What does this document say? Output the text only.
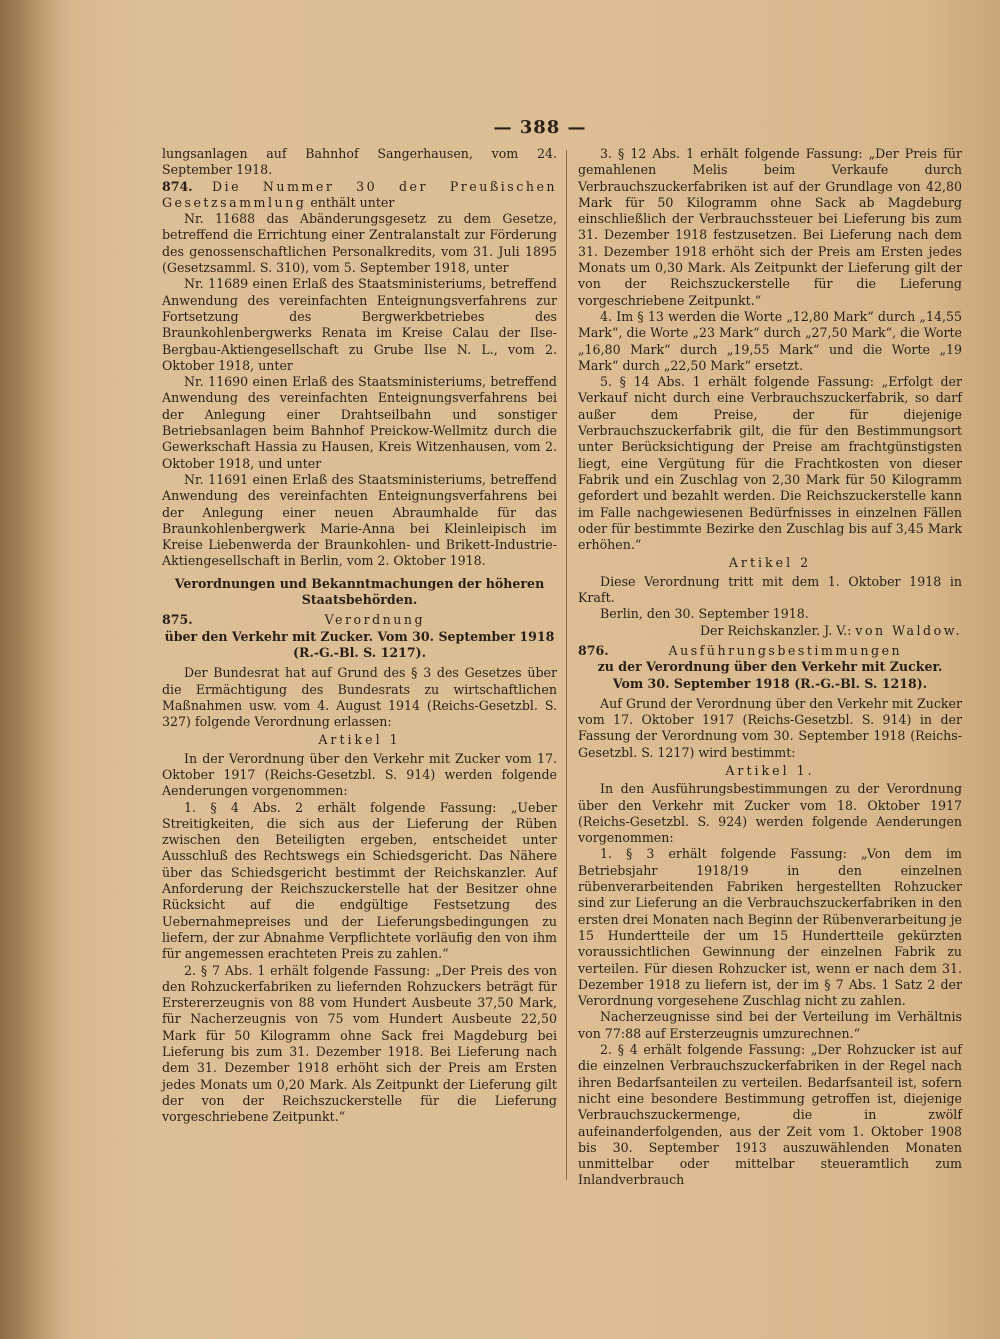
— 388 —

lungsanlagen auf Bahnhof Sangerhausen, vom 24. September 1918.

874. Die Nummer 30 der Preußischen Gesetzsammlung enthält unter

Nr. 11688 das Abänderungsgesetz zu dem Gesetze, betreffend die Errichtung einer Zentralanstalt zur Förderung des genossenschaftlichen Personalkredits, vom 31. Juli 1895 (Gesetzsamml. S. 310), vom 5. September 1918, unter

Nr. 11689 einen Erlaß des Staatsministeriums, betreffend Anwendung des vereinfachten Enteignungsverfahrens zur Fortsetzung des Bergwerkbetriebes des Braunkohlenbergwerks Renata im Kreise Calau der Ilse-Bergbau-Aktiengesellschaft zu Grube Ilse N. L., vom 2. Oktober 1918, unter

Nr. 11690 einen Erlaß des Staatsministeriums, betreffend Anwendung des vereinfachten Enteignungsverfahrens bei der Anlegung einer Drahtseilbahn und sonstiger Betriebsanlagen beim Bahnhof Preickow-Wellmitz durch die Gewerkschaft Hassia zu Hausen, Kreis Witzenhausen, vom 2. Oktober 1918, und unter

Nr. 11691 einen Erlaß des Staatsministeriums, betreffend Anwendung des vereinfachten Enteignungsverfahrens bei der Anlegung einer neuen Abraumhalde für das Braunkohlenbergwerk Marie-Anna bei Kleinleipisch im Kreise Liebenwerda der Braunkohlen- und Brikett-Industrie-Aktiengesellschaft in Berlin, vom 2. Oktober 1918.

Verordnungen und Bekanntmachungen der höheren Staatsbehörden.

875.	Verordnung

über den Verkehr mit Zucker. Vom 30. September 1918

(R.-G.-Bl. S. 1217).

Der Bundesrat hat auf Grund des § 3 des Gesetzes über die Ermächtigung des Bundesrats zu wirtschaftlichen Maßnahmen usw. vom 4. August 1914 (Reichs-Gesetzbl. S. 327) folgende Verordnung erlassen:

Artikel 1

In der Verordnung über den Verkehr mit Zucker vom 17. Oktober 1917 (Reichs-Gesetzbl. S. 914) werden folgende Aenderungen vorgenommen:

1. § 4 Abs. 2 erhält folgende Fassung: „Ueber Streitigkeiten, die sich aus der Lieferung der Rüben zwischen den Beteiligten ergeben, entscheidet unter Ausschluß des Rechtswegs ein Schiedsgericht. Das Nähere über das Schiedsgericht bestimmt der Reichskanzler. Auf Anforderung der Reichszuckerstelle hat der Besitzer ohne Rücksicht auf die endgültige Festsetzung des Uebernahmepreises und der Lieferungsbedingungen zu liefern, der zur Abnahme Verpflichtete vorläufig den von ihm für angemessen erachteten Preis zu zahlen.“

2. § 7 Abs. 1 erhält folgende Fassung: „Der Preis des von den Rohzuckerfabriken zu liefernden Rohzuckers beträgt für Erstererzeugnis von 88 vom Hundert Ausbeute 37,50 Mark, für Nacherzeugnis von 75 vom Hundert Ausbeute 22,50 Mark für 50 Kilogramm ohne Sack frei Magdeburg bei Lieferung bis zum 31. Dezember 1918. Bei Lieferung nach dem 31. Dezember 1918 erhöht sich der Preis am Ersten jedes Monats um 0,20 Mark. Als Zeitpunkt der Lieferung gilt der von der Reichszuckerstelle für die Lieferung vorgeschriebene Zeitpunkt.“

3. § 12 Abs. 1 erhält folgende Fassung: „Der Preis für gemahlenen Melis beim Verkaufe durch Verbrauchszuckerfabriken ist auf der Grundlage von 42,80 Mark für 50 Kilogramm ohne Sack ab Magdeburg einschließlich der Verbrauchssteuer bei Lieferung bis zum 31. Dezember 1918 festzusetzen. Bei Lieferung nach dem 31. Dezember 1918 erhöht sich der Preis am Ersten jedes Monats um 0,30 Mark. Als Zeitpunkt der Lieferung gilt der von der Reichszuckerstelle für die Lieferung vorgeschriebene Zeitpunkt.“

4. Im § 13 werden die Worte „12,80 Mark“ durch „14,55 Mark“, die Worte „23 Mark“ durch „27,50 Mark“, die Worte „16,80 Mark“ durch „19,55 Mark“ und die Worte „19 Mark“ durch „22,50 Mark“ ersetzt.

5. § 14 Abs. 1 erhält folgende Fassung: „Erfolgt der Verkauf nicht durch eine Verbrauchszuckerfabrik, so darf außer dem Preise, der für diejenige Verbrauchszuckerfabrik gilt, die für den Bestimmungsort unter Berücksichtigung der Preise am frachtgünstigsten liegt, eine Vergütung für die Frachtkosten von dieser Fabrik und ein Zuschlag von 2,30 Mark für 50 Kilogramm gefordert und bezahlt werden. Die Reichszuckerstelle kann im Falle nachgewiesenen Bedürfnisses in einzelnen Fällen oder für bestimmte Bezirke den Zuschlag bis auf 3,45 Mark erhöhen.“

Artikel 2

Diese Verordnung tritt mit dem 1. Oktober 1918 in Kraft.

Berlin, den 30. September 1918.

Der Reichskanzler. J. V.: von Waldow.

876.	Ausführungsbestimmungen

zu der Verordnung über den Verkehr mit Zucker.

Vom 30. September 1918 (R.-G.-Bl. S. 1218).

Auf Grund der Verordnung über den Verkehr mit Zucker vom 17. Oktober 1917 (Reichs-Gesetzbl. S. 914) in der Fassung der Verordnung vom 30. September 1918 (Reichs-Gesetzbl. S. 1217) wird bestimmt:

Artikel 1.

In den Ausführungsbestimmungen zu der Verordnung über den Verkehr mit Zucker vom 18. Oktober 1917 (Reichs-Gesetzbl. S. 924) werden folgende Aenderungen vorgenommen:

1. § 3 erhält folgende Fassung: „Von dem im Betriebsjahr 1918/19 in den einzelnen rübenverarbeitenden Fabriken hergestellten Rohzucker sind zur Lieferung an die Verbrauchszuckerfabriken in den ersten drei Monaten nach Beginn der Rübenverarbeitung je 15 Hundertteile der um 15 Hundertteile gekürzten voraussichtlichen Gewinnung der einzelnen Fabrik zu verteilen. Für diesen Rohzucker ist, wenn er nach dem 31. Dezember 1918 zu liefern ist, der im § 7 Abs. 1 Satz 2 der Verordnung vorgesehene Zuschlag nicht zu zahlen.

Nacherzeugnisse sind bei der Verteilung im Verhältnis von 77:88 auf Ersterzeugnis umzurechnen.“

2. § 4 erhält folgende Fassung: „Der Rohzucker ist auf die einzelnen Verbrauchszuckerfabriken in der Regel nach ihren Bedarfsanteilen zu verteilen. Bedarfsanteil ist, sofern nicht eine besondere Bestimmung getroffen ist, diejenige Verbrauchszuckermenge, die in zwölf aufeinanderfolgenden, aus der Zeit vom 1. Oktober 1908 bis 30. September 1913 auszuwählenden Monaten unmittelbar oder mittelbar steueramtlich zum Inlandverbrauch
